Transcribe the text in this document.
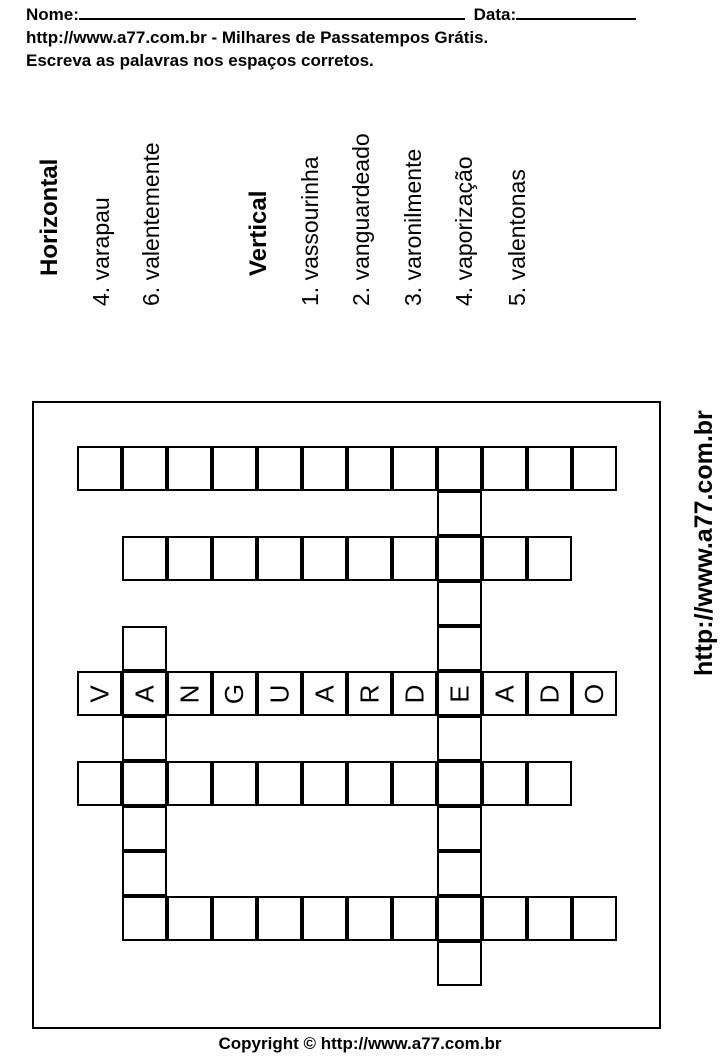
Nome:	Data:
http://www.a77.com.br - Milhares de Passatempos Grátis.
Escreva as palavras nos espaços corretos.
Horizontal 4. varapau 6. valentemente	Vertical 1. vassourinha 2. vanguardeado 3. varonilmente 4. vaporização 5. valentonas
http://www.a77.com.br
V A N G U A R D E A D O
Copyright © http://www.a77.com.br
